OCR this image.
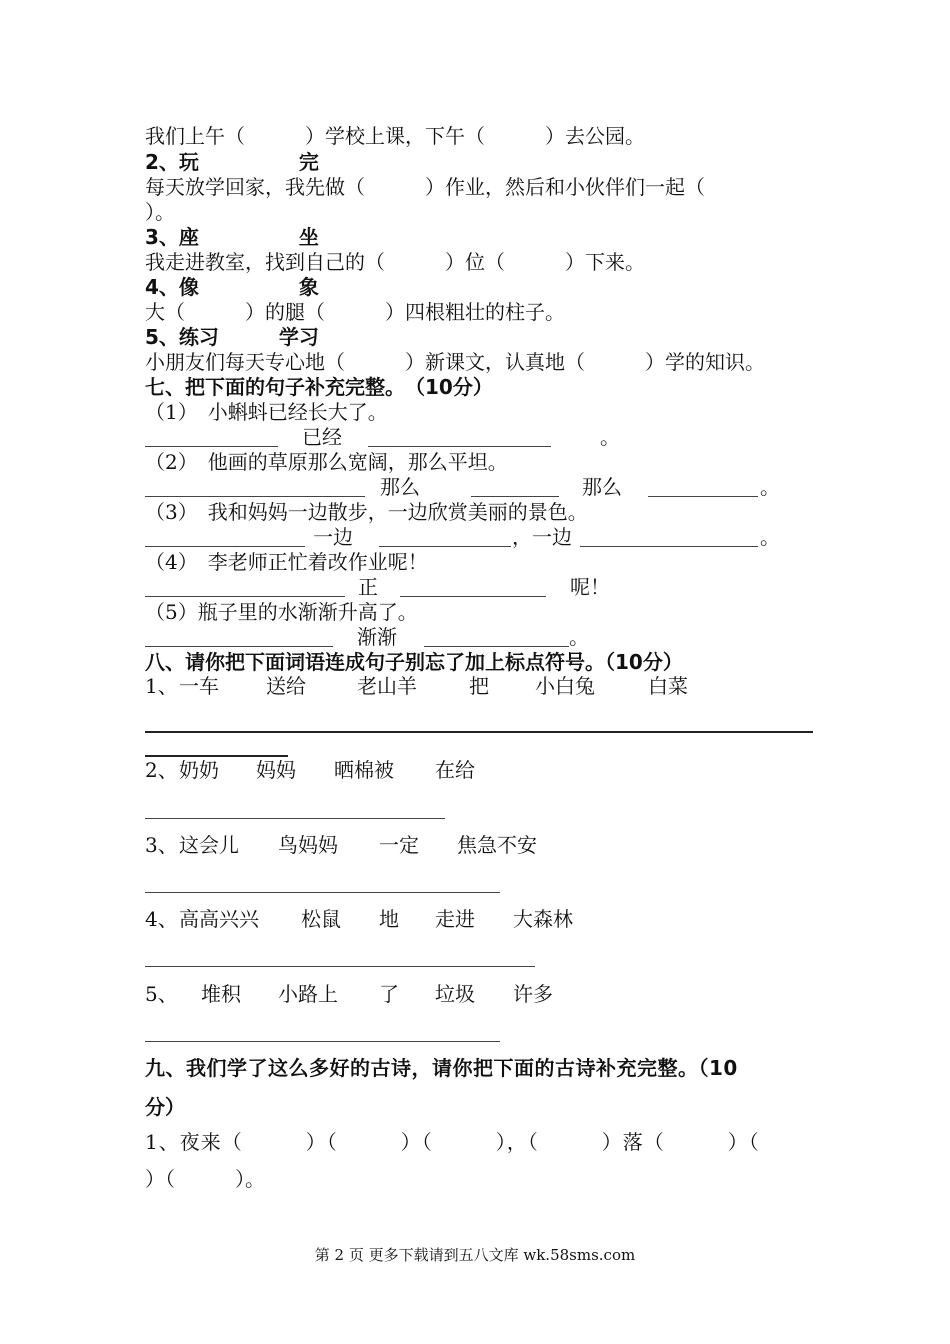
我们上午（　　　）学校上课，下午（　　　）去公园。
2、玩　　　　　完
每天放学回家，我先做（　　　）作业，然后和小伙伴们一起（
）。
3、座　　　　　坐
我走进教室，找到自己的（　　　）位（　　　）下来。
4、像　　　　　象
大（　　　）的腿（　　　）四根粗壮的柱子。
5、练习　　　学习
小朋友们每天专心地（　　　）新课文，认真地（　　　）学的知识。
七、把下面的句子补充完整。　（10分）
（1）　 小蝌蚪已经长大了。
已经	。
（2）　 他画的草原那么宽阔，那么平坦。
那么	那么	。
（3）　 我和妈妈一边散步，一边欣赏美丽的景色。
一边	，一边	。
（4）　 李老师正忙着改作业呢！
正	呢！
（5）瓶子里的水渐渐升高了。
渐渐	。
八、请你把下面词语连成句子别忘了加上标点符号。（10分）
1、 一车 送给	老山羊	把 小白兔	白菜
2、 奶奶 妈妈 晒棉被 在给
3、 这会儿 鸟妈妈 一定 焦急不安
4、 高高兴兴 松鼠 地 走进 大森林
5、 堆积 小路上 了 垃圾 许多
九、我们学了这么多好的古诗，请你把下面的古诗补充完整。（10
分）
1、夜来（　　　）（　　　）（　　　），（　　　）落（　　　）（
）（　　　）。
第 2 页 更多下载请到五八文库 wk.58sms.com
